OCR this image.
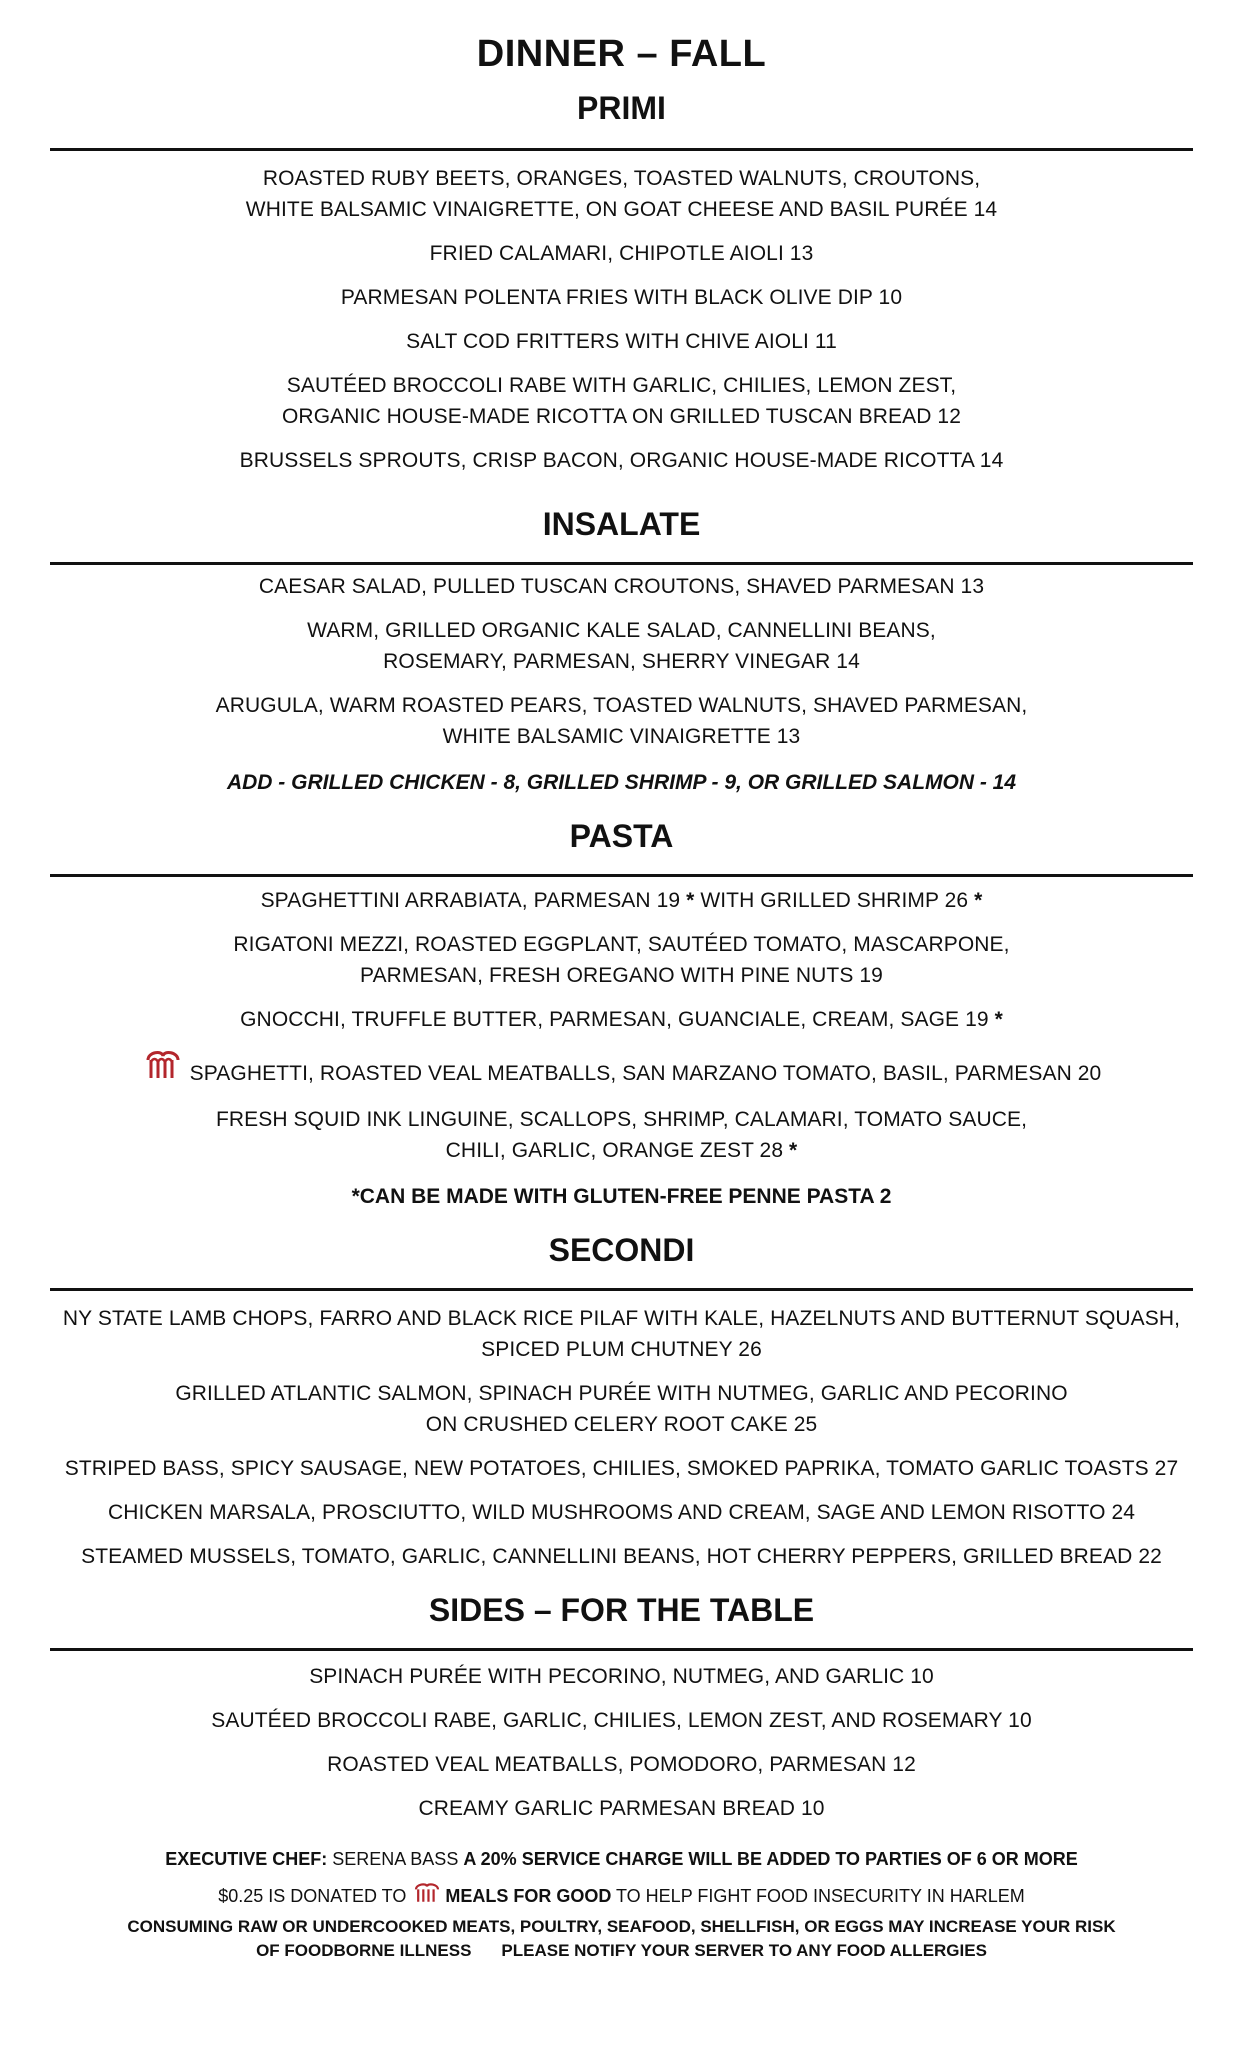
DINNER – FALL
PRIMI

ROASTED RUBY BEETS, ORANGES, TOASTED WALNUTS, CROUTONS,
WHITE BALSAMIC VINAIGRETTE, ON GOAT CHEESE AND BASIL PURÉE 14

FRIED CALAMARI, CHIPOTLE AIOLI 13

PARMESAN POLENTA FRIES WITH BLACK OLIVE DIP 10

SALT COD FRITTERS WITH CHIVE AIOLI 11

SAUTÉED BROCCOLI RABE WITH GARLIC, CHILIES, LEMON ZEST,
ORGANIC HOUSE-MADE RICOTTA ON GRILLED TUSCAN BREAD 12

BRUSSELS SPROUTS, CRISP BACON, ORGANIC HOUSE-MADE RICOTTA 14

INSALATE

CAESAR SALAD, PULLED TUSCAN CROUTONS, SHAVED PARMESAN 13

WARM, GRILLED ORGANIC KALE SALAD, CANNELLINI BEANS,
ROSEMARY, PARMESAN, SHERRY VINEGAR 14

ARUGULA, WARM ROASTED PEARS, TOASTED WALNUTS, SHAVED PARMESAN,
WHITE BALSAMIC VINAIGRETTE 13

ADD - GRILLED CHICKEN - 8, GRILLED SHRIMP - 9, OR GRILLED SALMON - 14

PASTA

SPAGHETTINI ARRABIATA, PARMESAN 19 * WITH GRILLED SHRIMP 26 *

RIGATONI MEZZI, ROASTED EGGPLANT, SAUTÉED TOMATO, MASCARPONE,
PARMESAN, FRESH OREGANO WITH PINE NUTS 19

GNOCCHI, TRUFFLE BUTTER, PARMESAN, GUANCIALE, CREAM, SAGE 19 *

SPAGHETTI, ROASTED VEAL MEATBALLS, SAN MARZANO TOMATO, BASIL, PARMESAN 20

FRESH SQUID INK LINGUINE, SCALLOPS, SHRIMP, CALAMARI, TOMATO SAUCE,
CHILI, GARLIC, ORANGE ZEST 28 *

*CAN BE MADE WITH GLUTEN-FREE PENNE PASTA 2

SECONDI

NY STATE LAMB CHOPS, FARRO AND BLACK RICE PILAF WITH KALE, HAZELNUTS AND BUTTERNUT SQUASH,
SPICED PLUM CHUTNEY 26

GRILLED ATLANTIC SALMON, SPINACH PURÉE WITH NUTMEG, GARLIC AND PECORINO
ON CRUSHED CELERY ROOT CAKE 25

STRIPED BASS, SPICY SAUSAGE, NEW POTATOES, CHILIES, SMOKED PAPRIKA, TOMATO GARLIC TOASTS 27

CHICKEN MARSALA, PROSCIUTTO, WILD MUSHROOMS AND CREAM, SAGE AND LEMON RISOTTO 24

STEAMED MUSSELS, TOMATO, GARLIC, CANNELLINI BEANS, HOT CHERRY PEPPERS, GRILLED BREAD 22

SIDES – FOR THE TABLE

SPINACH PURÉE WITH PECORINO, NUTMEG, AND GARLIC 10

SAUTÉED BROCCOLI RABE, GARLIC, CHILIES, LEMON ZEST, AND ROSEMARY 10

ROASTED VEAL MEATBALLS, POMODORO, PARMESAN 12

CREAMY GARLIC PARMESAN BREAD 10

EXECUTIVE CHEF: SERENA BASS A 20% SERVICE CHARGE WILL BE ADDED TO PARTIES OF 6 OR MORE

$0.25 IS DONATED TO MEALS FOR GOOD TO HELP FIGHT FOOD INSECURITY IN HARLEM

CONSUMING RAW OR UNDERCOOKED MEATS, POULTRY, SEAFOOD, SHELLFISH, OR EGGS MAY INCREASE YOUR RISK
OF FOODBORNE ILLNESS PLEASE NOTIFY YOUR SERVER TO ANY FOOD ALLERGIES
